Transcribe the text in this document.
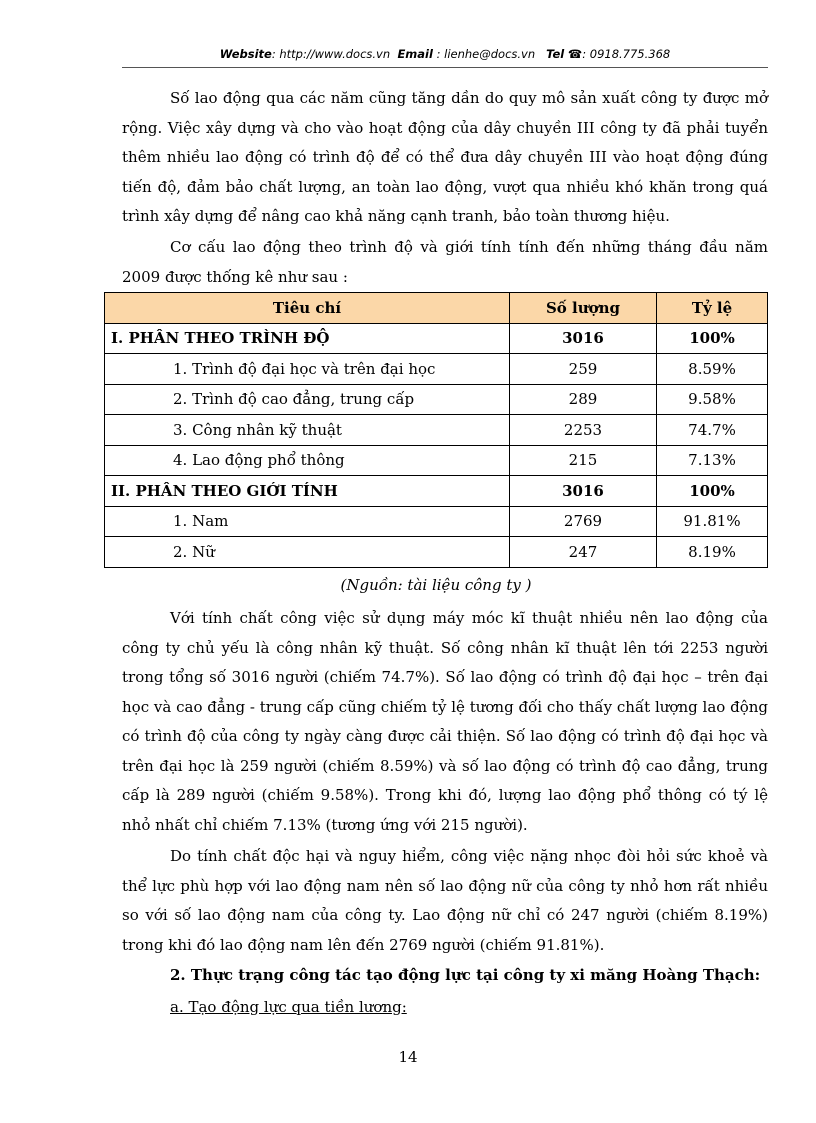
Website: http://www.docs.vn Email : lienhe@docs.vn Tel ☎: 0918.775.368

Số lao động qua các năm cũng tăng dần do quy mô sản xuất công ty được mở rộng. Việc xây dựng và cho vào hoạt động của dây chuyền III công ty đã phải tuyển thêm nhiều lao động có trình độ để có thể đưa dây chuyền III vào hoạt động đúng tiến độ, đảm bảo chất lượng, an toàn lao động, vượt qua nhiều khó khăn trong quá trình xây dựng để nâng cao khả năng cạnh tranh, bảo toàn thương hiệu.

Cơ cấu lao động theo trình độ và giới tính tính đến những tháng đầu năm 2009 được thống kê như sau :

Tiêu chí	Số lượng	Tỷ lệ
I. PHÂN THEO TRÌNH ĐỘ	3016	100%
1. Trình độ đại học và trên đại học	259	8.59%
2. Trình độ cao đẳng, trung cấp	289	9.58%
3. Công nhân kỹ thuật	2253	74.7%
4. Lao động phổ thông	215	7.13%
II. PHÂN THEO GIỚI TÍNH	3016	100%
1. Nam	2769	91.81%
2. Nữ	247	8.19%
(Nguồn: tài liệu công ty )

Với tính chất công việc sử dụng máy móc kĩ thuật nhiều nên lao động của công ty chủ yếu là công nhân kỹ thuật. Số công nhân kĩ thuật lên tới 2253 người trong tổng số 3016 người (chiếm 74.7%). Số lao động có trình độ đại học – trên đại học và cao đẳng - trung cấp cũng chiếm tỷ lệ tương đối cho thấy chất lượng lao động có trình độ của công ty ngày càng được cải thiện. Số lao động có trình độ đại học và trên đại học là 259 người (chiếm 8.59%) và số lao động có trình độ cao đẳng, trung cấp là 289 người (chiếm 9.58%). Trong khi đó, lượng lao động phổ thông có tý lệ nhỏ nhất chỉ chiếm 7.13% (tương ứng với 215 người).

Do tính chất độc hại và nguy hiểm, công việc nặng nhọc đòi hỏi sức khoẻ và thể lực phù hợp với lao động nam nên số lao động nữ của công ty nhỏ hơn rất nhiều so với số lao động nam của công ty. Lao động nữ chỉ có 247 người (chiếm 8.19%) trong khi đó lao động nam lên đến 2769 người (chiếm 91.81%).

2. Thực trạng công tác tạo động lực tại công ty xi măng Hoàng Thạch:
a. Tạo động lực qua tiền lương:
14
